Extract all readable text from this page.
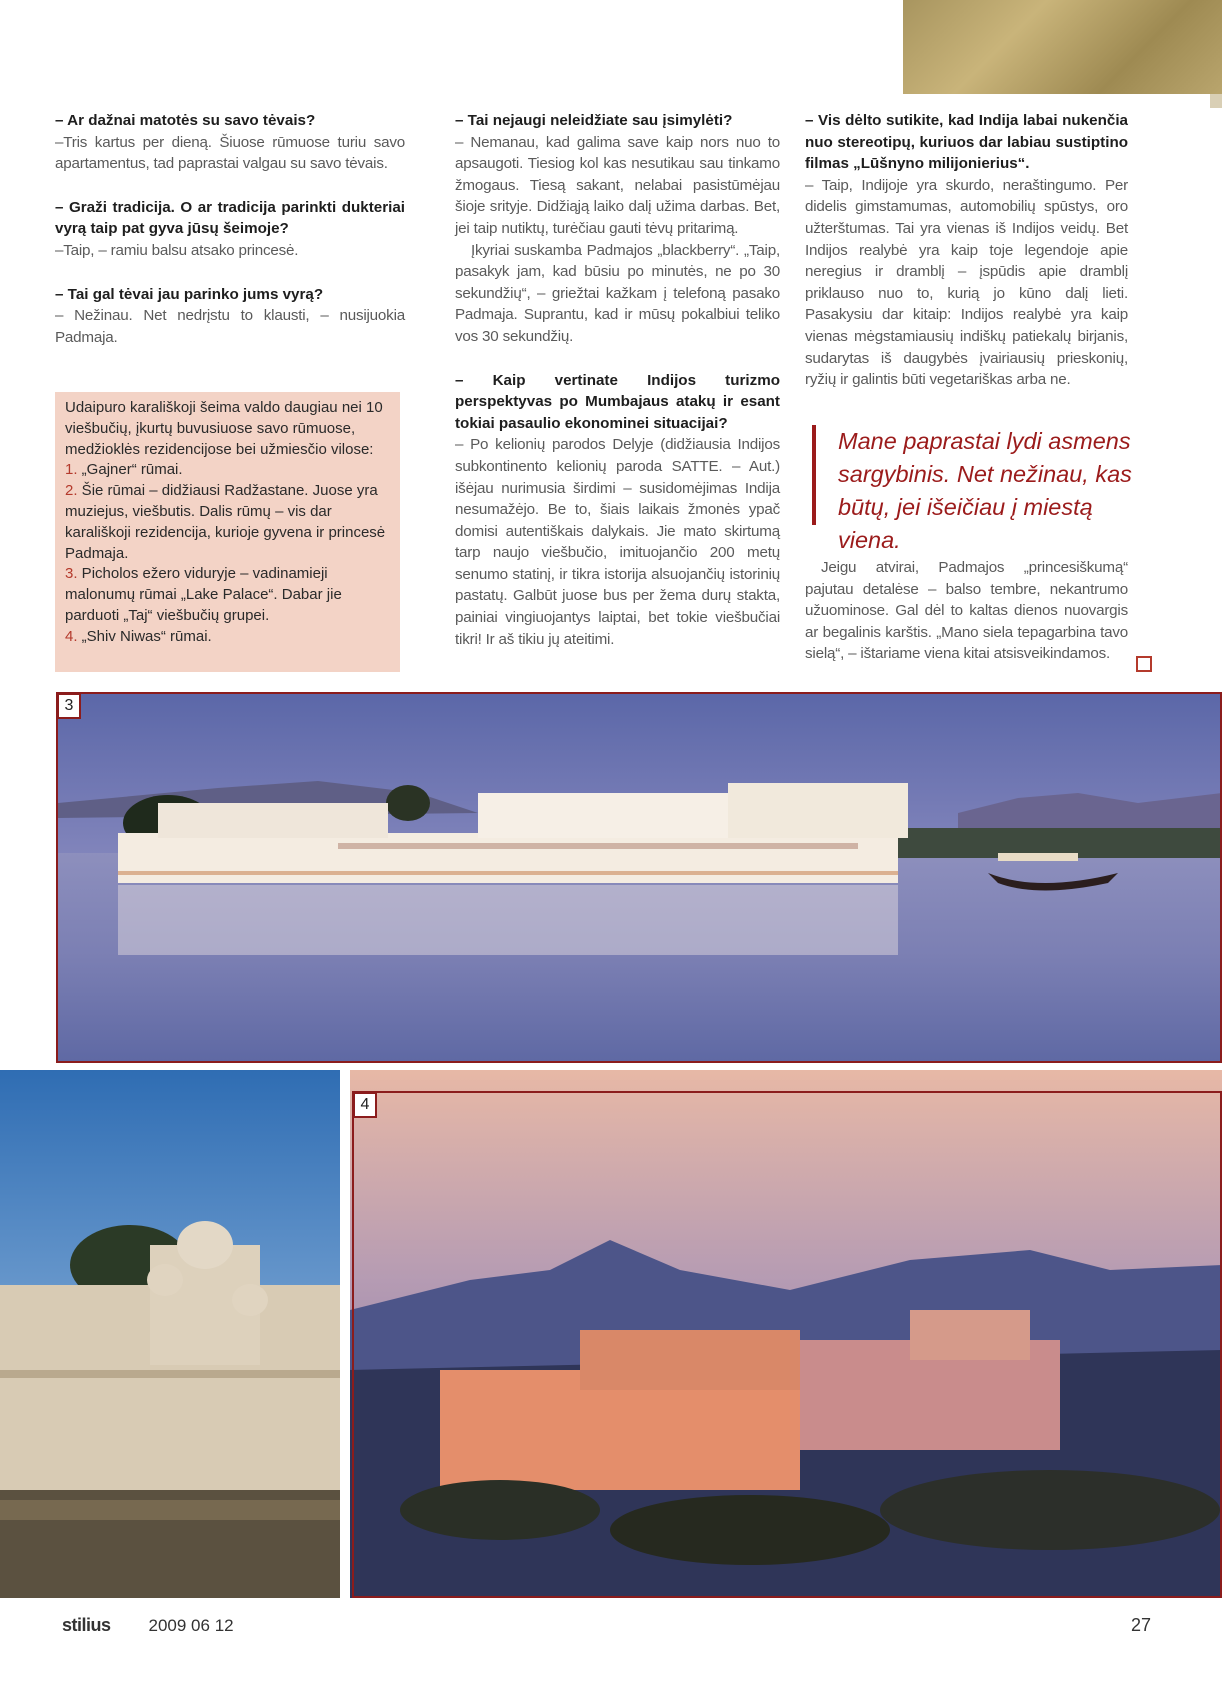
– Ar dažnai matotės su savo tėvais?

–Tris kartus per dieną. Šiuose rūmuose turiu savo apartamentus, tad paprastai valgau su savo tėvais.

– Graži tradicija. O ar tradicija parinkti dukteriai vyrą taip pat gyva jūsų šeimoje?

–Taip, – ramiu balsu atsako princesė.

– Tai gal tėvai jau parinko jums vyrą?

– Nežinau. Net nedrįstu to klausti, – nusijuokia Padmaja.

Udaipuro karališkoji šeima valdo daugiau nei 10 viešbučių, įkurtų buvusiuose savo rūmuose, medžioklės rezidencijose bei užmiesčio vilose:

1. „Gajner“ rūmai.

2. Šie rūmai – didžiausi Radžastane. Juose yra muziejus, viešbutis. Dalis rūmų – vis dar karališkoji rezidencija, kurioje gyvena ir princesė Padmaja.

3. Picholos ežero viduryje – vadinamieji malonumų rūmai „Lake Palace“. Dabar jie parduoti „Taj“ viešbučių grupei.

4. „Shiv Niwas“ rūmai.

– Tai nejaugi neleidžiate sau įsimylėti?

– Nemanau, kad galima save kaip nors nuo to apsaugoti. Tiesiog kol kas nesutikau sau tinkamo žmogaus. Tiesą sakant, nelabai pasistūmėjau šioje srityje. Didžiąją laiko dalį užima darbas. Bet, jei taip nutiktų, turėčiau gauti tėvų pritarimą.

Įkyriai suskamba Padmajos „blackberry“. „Taip, pasakyk jam, kad būsiu po minutės, ne po 30 sekundžių“, – griežtai kažkam į telefoną pasako Padmaja. Suprantu, kad ir mūsų pokalbiui teliko vos 30 sekundžių.

– Kaip vertinate Indijos turizmo perspektyvas po Mumbajaus atakų ir esant tokiai pasaulio ekonominei situacijai?

– Po kelionių parodos Delyje (didžiausia Indijos subkontinento kelionių paroda SATTE. – Aut.) išėjau nurimusia širdimi – susidomėjimas Indija nesumažėjo. Be to, šiais laikais žmonės ypač domisi autentiškais dalykais. Jie mato skirtumą tarp naujo viešbučio, imituojančio 200 metų senumo statinį, ir tikra istorija alsuojančių istorinių pastatų. Galbūt juose bus per žema durų stakta, painiai vingiuojantys laiptai, bet tokie viešbučiai tikri! Ir aš tikiu jų ateitimi.

– Vis dėlto sutikite, kad Indija labai nukenčia nuo stereotipų, kuriuos dar labiau sustiptino filmas „Lūšnyno milijonierius“.

– Taip, Indijoje yra skurdo, neraštingumo. Per didelis gimstamumas, automobilių spūstys, oro užterštumas. Tai yra vienas iš Indijos veidų. Bet Indijos realybė yra kaip toje legendoje apie neregius ir dramblį – įspūdis apie dramblį priklauso nuo to, kurią jo kūno dalį lieti. Pasakysiu dar kitaip: Indijos realybė yra kaip vienas mėgstamiausių indiškų patiekalų birjanis, sudarytas iš daugybės įvairiausių prieskonių, ryžių ir galintis būti vegetariškas arba ne.

Mane paprastai lydi asmens sargybinis. Net nežinau, kas būtų, jei išeičiau į miestą viena.

Jeigu atvirai, Padmajos „princesiškumą“ pajutau detalėse – balso tembre, nekantrumo užuominose. Gal dėl to kaltas dienos nuovargis ar begalinis karštis. „Mano siela tepagarbina tavo sielą“, – ištariame viena kitai atsisveikindamos.

3
4
stilius 2009 06 12	27
